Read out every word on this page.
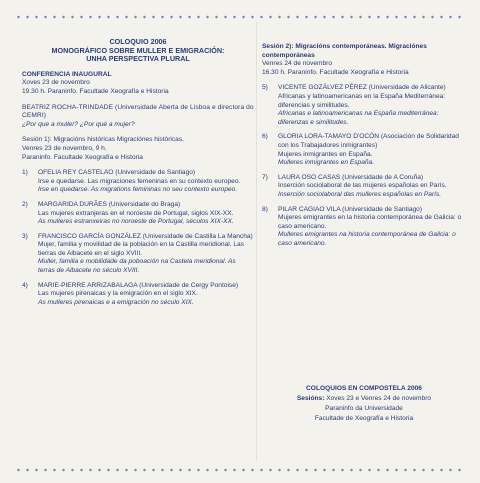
COLOQUIO 2006
MONOGRÁFICO SOBRE MULLER E EMIGRACIÓN:
UNHA PERSPECTIVA PLURAL
CONFERENCIA INAUGURAL
Xoves 23 de novembro
19.30 h. Paraninfo. Facultade Xeografía e Historia
BEATRIZ ROCHA-TRINDADE (Universidade Aberta de Lisboa e directora do CEMRI)
¿Por que a muller? ¿Por qué a mujer?
Sesión 1): Migracións históricas Migraciónes históricas.
Venres 23 de novembro, 9 h.
Paraninfo. Facultade Xeografía e Historia
1) OFELIA REY CASTELAO (Universidade de Santiago)
Irse e quedarse. Las migraciones femeninas en su contexto europeo.
Irse en quedarse. As migrations femininas no seu contexto europeo.
2) MARGARIDA DURÃES (Universidade do Braga)
Las mujeres extranjeras en el noroeste de Portugal, siglos XIX-XX.
As mulleres estranxeiras no noroeste de Portugal, séculos XIX-XX.
3) FRANCISCO GARCÍA GONZÁLEZ (Universidade de Castilla La Mancha)
Mujer, familia y movilidad de la población en la Castilla meridional. Las tierras de Albacete en el siglo XVIII.
Muller, familia e mobilidade da poboación na Castela meridional. As terras de Albacete no século XVIII.
4) MARIE-PIERRE ARRIZABALAGA (Universidade de Cergy Pontoise)
Las mujeres pirenaicas y la emigración en el siglo XIX.
As mulleres pirenaicas e a emigración no século XIX.
Sesión 2): Migracións contemporáneas. Migraciónes contemporáneas
Venres 24 de novembro
16.30 h. Paraninfo. Facultade Xeografía e Historia
5) VICENTE GOZÁLVEZ PÉREZ (Universidade de Alicante)
Africanas y latinoamericanas en la España Mediterránea: diferencias y similitudes.
Africanas e latinoamericanas na España mediterránea: diferenzas e similitudes.
6) GLORIA LORA-TAMAYO D'OCÓN (Asociación de Solidaridad con los Trabajadores inmigrantes)
Mujeres inmigrantes en España.
Mulleres inmigrantes en España.
7) LAURA OSO CASAS (Universidade de A Coruña)
Inserción sociolaboral de las mujeres españolas en París.
Inserción sociolaboral das mulleres españolas en París.
8) PILAR CAGIAO VILA (Universidade de Santiago)
Mujeres emigrantes en la historia contemporánea de Galicia: o caso americano.
Mulleres emigrantes na historia contemporánea de Galicia: o caso americano.
COLOQUIOS EN COMPOSTELA 2006
Sesións: Xoves 23 e Venres 24 de novembro
Paraninfo da Universidade
Facultade de Xeografía e Historia
